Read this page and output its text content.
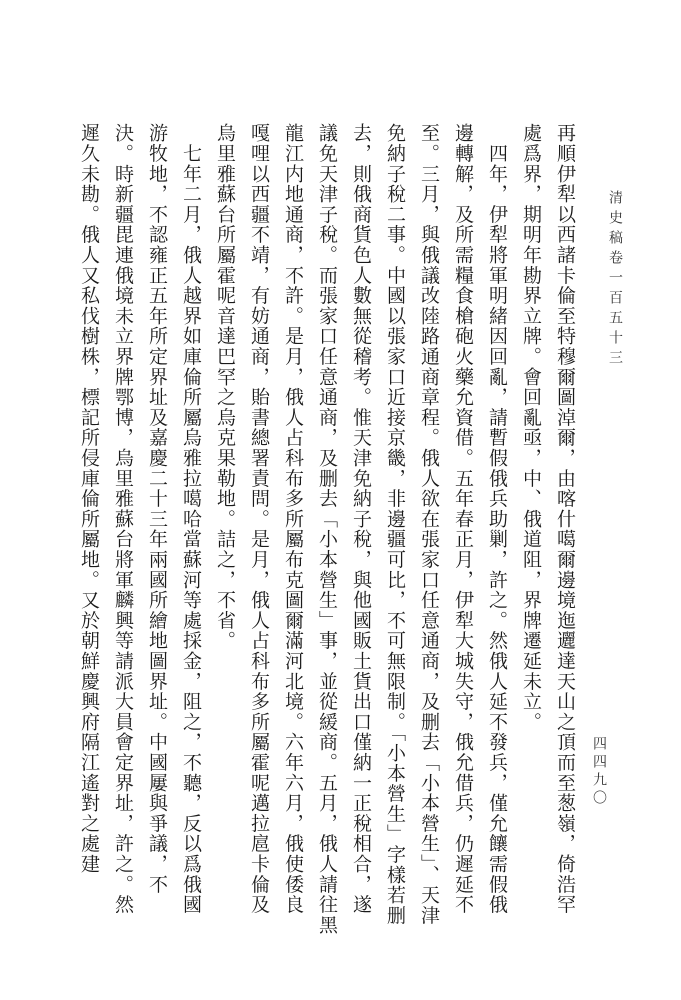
清史稿卷一百五十三
四四九〇
再順伊犁以西諸卡倫至特穆爾圖淖爾，由喀什噶爾邊境迤邐達天山之頂而至葱嶺，倚浩罕
處爲界，期明年勘界立牌。會回亂亟，中、俄道阻，界牌遷延未立。
　四年，伊犁將軍明緒因回亂，請暫假俄兵助剿，許之。然俄人延不發兵，僅允饟需假俄
邊轉解，及所需糧食槍砲火藥允資借。五年春正月，伊犁大城失守，俄允借兵，仍遲延不
至。三月，與俄議改陸路通商章程。俄人欲在張家口任意通商，及删去「小本營生」、天津
免納子稅二事。中國以張家口近接京畿，非邊疆可比，不可無限制。「小本營生」字樣若删
去，則俄商貨色人數無從稽考。惟天津免納子稅，與他國販土貨出口僅納一正稅相合，遂
議免天津子稅。而張家口任意通商，及删去「小本營生」事，並從緩商。五月，俄人請往黑
龍江内地通商，不許。是月，俄人占科布多所屬布克圖爾滿河北境。六年六月，俄使倭良
嘎哩以西疆不靖，有妨通商，貽書總署責問。是月，俄人占科布多所屬霍呢邁拉扈卡倫及
烏里雅蘇台所屬霍呢音達巴罕之烏克果勒地。詰之，不省。
　七年二月，俄人越界如庫倫所屬烏雅拉噶哈當蘇河等處採金，阻之，不聽，反以爲俄國
游牧地，不認雍正五年所定界址及嘉慶二十三年兩國所繪地圖界址。中國屢與爭議，不
決。時新疆毘連俄境未立界牌鄂博，烏里雅蘇台將軍麟興等請派大員會定界址，許之。然
遲久未勘。俄人又私伐樹株，標記所侵庫倫所屬地。又於朝鮮慶興府隔江遙對之處建
